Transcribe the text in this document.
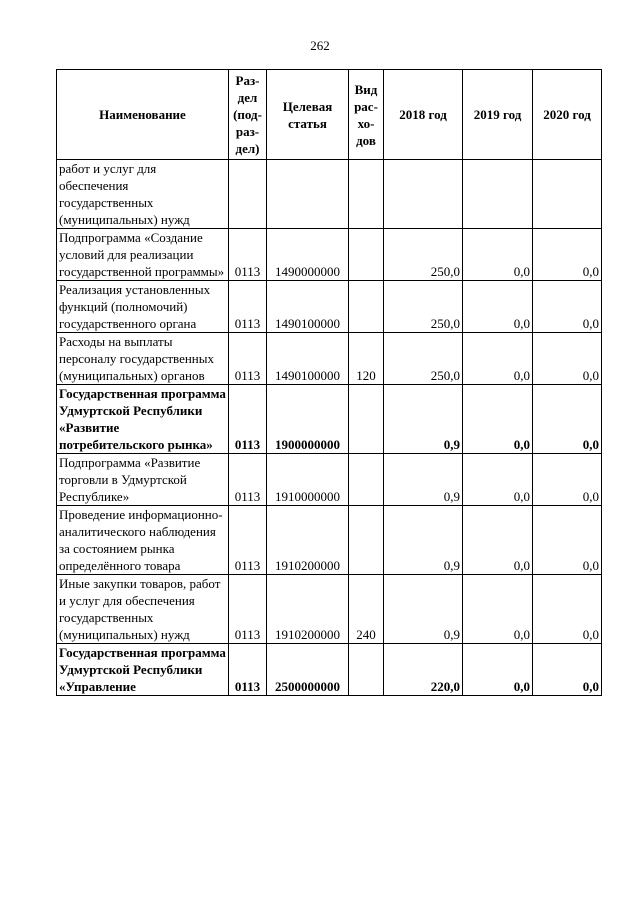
262
Наименование	Раз-дел (под-раз-дел)	Целевая статья	Вид рас-хо-дов	2018 год	2019 год	2020 год
работ и услуг для обеспечения государственных (муниципальных) нужд						
Подпрограмма «Создание условий для реализации государственной программы»	0113	1490000000		250,0	0,0	0,0
Реализация установленных функций (полномочий) государственного органа	0113	1490100000		250,0	0,0	0,0
Расходы на выплаты персоналу государственных (муниципальных) органов	0113	1490100000	120	250,0	0,0	0,0
Государственная программа Удмуртской Республики «Развитие потребительского рынка»	0113	1900000000		0,9	0,0	0,0
Подпрограмма «Развитие торговли в Удмуртской Республике»	0113	1910000000		0,9	0,0	0,0
Проведение информационно-аналитического наблюдения за состоянием рынка определённого товара	0113	1910200000		0,9	0,0	0,0
Иные закупки товаров, работ и услуг для обеспечения государственных (муниципальных) нужд	0113	1910200000	240	0,9	0,0	0,0
Государственная программа Удмуртской Республики «Управление	0113	2500000000		220,0	0,0	0,0
